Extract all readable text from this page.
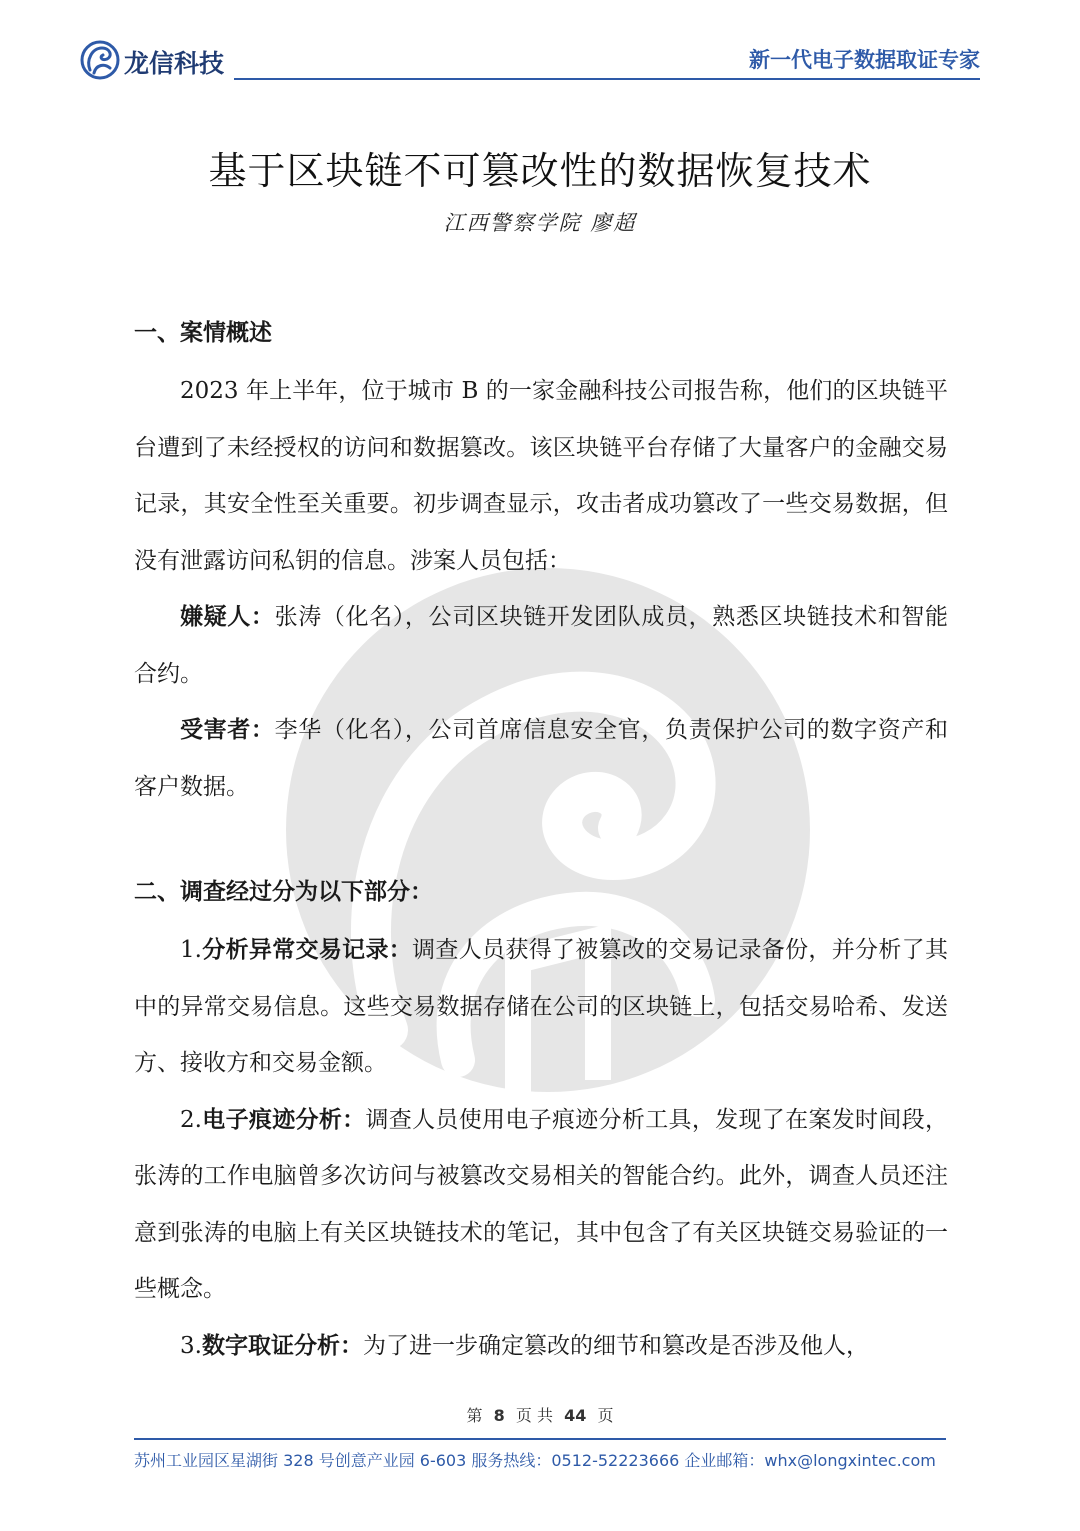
龙信科技	新一代电子数据取证专家
基于区块链不可篡改性的数据恢复技术
江西警察学院 廖超
一、案情概述

2023 年上半年，位于城市 B 的一家金融科技公司报告称，他们的区块链平台遭到了未经授权的访问和数据篡改。该区块链平台存储了大量客户的金融交易记录，其安全性至关重要。初步调查显示，攻击者成功篡改了一些交易数据，但没有泄露访问私钥的信息。涉案人员包括：

嫌疑人：张涛（化名），公司区块链开发团队成员，熟悉区块链技术和智能合约。

受害者：李华（化名），公司首席信息安全官，负责保护公司的数字资产和客户数据。

二、调查经过分为以下部分：

1.分析异常交易记录：调查人员获得了被篡改的交易记录备份，并分析了其中的异常交易信息。这些交易数据存储在公司的区块链上，包括交易哈希、发送方、接收方和交易金额。

2.电子痕迹分析：调查人员使用电子痕迹分析工具，发现了在案发时间段，张涛的工作电脑曾多次访问与被篡改交易相关的智能合约。此外，调查人员还注意到张涛的电脑上有关区块链技术的笔记，其中包含了有关区块链交易验证的一些概念。

3.数字取证分析：为了进一步确定篡改的细节和篡改是否涉及他人，

第 8 页 共 44 页
苏州工业园区星湖街 328 号创意产业园 6-603 服务热线：0512-52223666 企业邮箱：whx@longxintec.com
